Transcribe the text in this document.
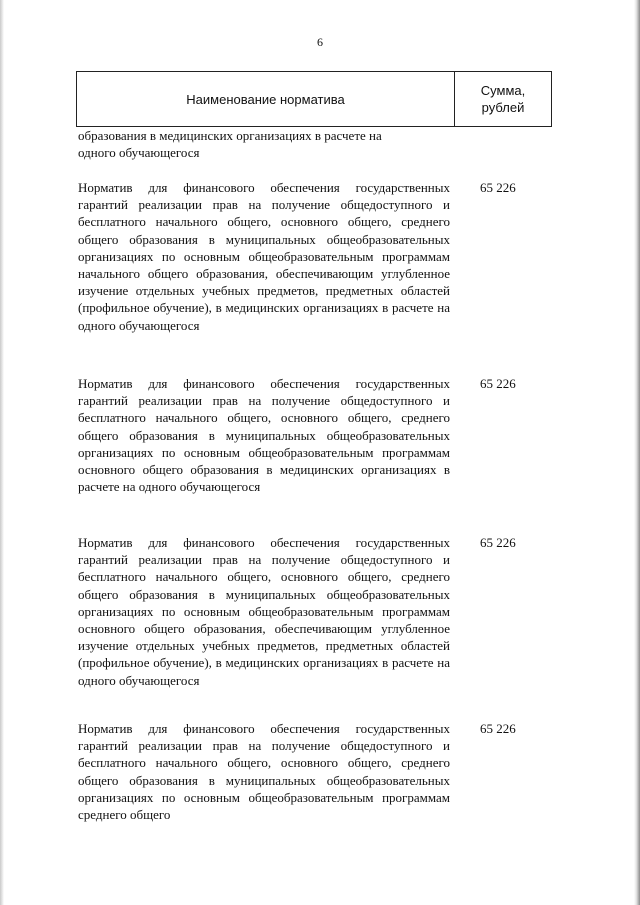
6
Наименование норматива
Сумма,
рублей
образования в медицинских организациях в расчете на
одного обучающегося

Норматив для финансового обеспечения государственных гарантий реализации прав на получение общедоступного и бесплатного начального общего, основного общего, среднего общего образования в муниципальных общеобразовательных организациях по основным общеобразовательным программам начального общего образования, обеспечивающим углубленное изучение отдельных учебных предметов, предметных областей (профильное обучение), в медицинских организациях в расчете на одного обучающегося

65 226

Норматив для финансового обеспечения государственных гарантий реализации прав на получение общедоступного и бесплатного начального общего, основного общего, среднего общего образования в муниципальных общеобразовательных организациях по основным общеобразовательным программам основного общего образования в медицинских организациях в расчете на одного обучающегося

65 226

Норматив для финансового обеспечения государственных гарантий реализации прав на получение общедоступного и бесплатного начального общего, основного общего, среднего общего образования в муниципальных общеобразовательных организациях по основным общеобразовательным программам основного общего образования, обеспечивающим углубленное изучение отдельных учебных предметов, предметных областей (профильное обучение), в медицинских организациях в расчете на одного обучающегося

65 226

Норматив для финансового обеспечения государственных гарантий реализации прав на получение общедоступного и бесплатного начального общего, основного общего, среднего общего образования в муниципальных общеобразовательных организациях по основным общеобразовательным программам среднего общего

65 226
